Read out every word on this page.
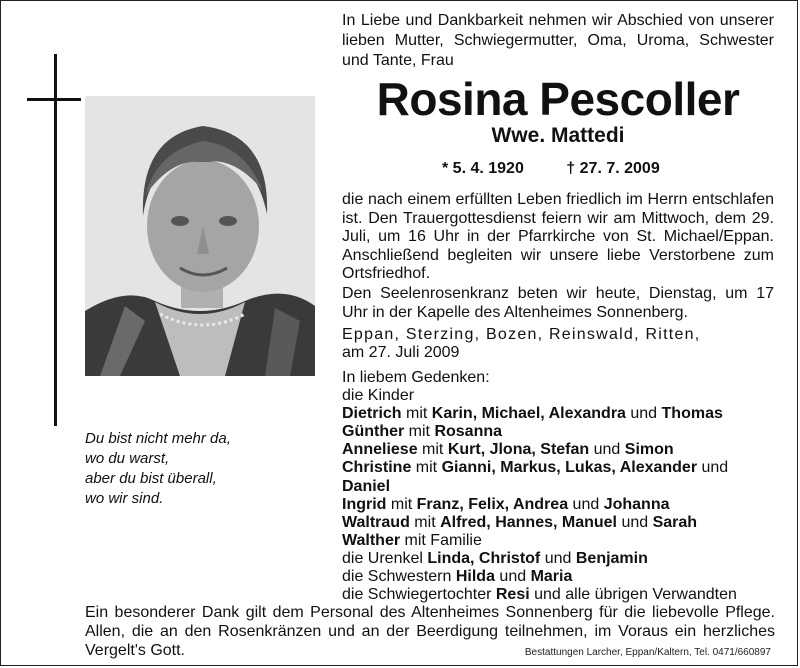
Du bist nicht mehr da,
wo du warst,
aber du bist überall,
wo wir sind.
In Liebe und Dankbarkeit nehmen wir Abschied von unserer lieben Mutter, Schwiegermutter, Oma, Uroma, Schwester und Tante, Frau
Rosina Pescoller
Wwe. Mattedi
* 5. 4. 1920	† 27. 7. 2009
die nach einem erfüllten Leben friedlich im Herrn entschlafen ist. Den Trauergottesdienst feiern wir am Mittwoch, dem 29. Juli, um 16 Uhr in der Pfarrkirche von St. Michael/Eppan. Anschließend begleiten wir unsere liebe Verstorbene zum Ortsfriedhof.
Den Seelenrosenkranz beten wir heute, Dienstag, um 17 Uhr in der Kapelle des Altenheimes Sonnenberg.
Eppan, Sterzing, Bozen, Reinswald, Ritten,
am 27. Juli 2009
In liebem Gedenken:
die Kinder
Dietrich mit Karin, Michael, Alexandra und Thomas
Günther mit Rosanna
Anneliese mit Kurt, Jlona, Stefan und Simon
Christine mit Gianni, Markus, Lukas, Alexander und
Daniel
Ingrid mit Franz, Felix, Andrea und Johanna
Waltraud mit Alfred, Hannes, Manuel und Sarah
Walther mit Familie
die Urenkel Linda, Christof und Benjamin
die Schwestern Hilda und Maria
die Schwiegertochter Resi und alle übrigen Verwandten
Ein besonderer Dank gilt dem Personal des Altenheimes Sonnenberg für die liebevolle Pflege. Allen, die an den Rosenkränzen und an der Beerdigung teilnehmen, im Voraus ein herzliches Vergelt's Gott.	Bestattungen Larcher, Eppan/Kaltern, Tel. 0471/660897
